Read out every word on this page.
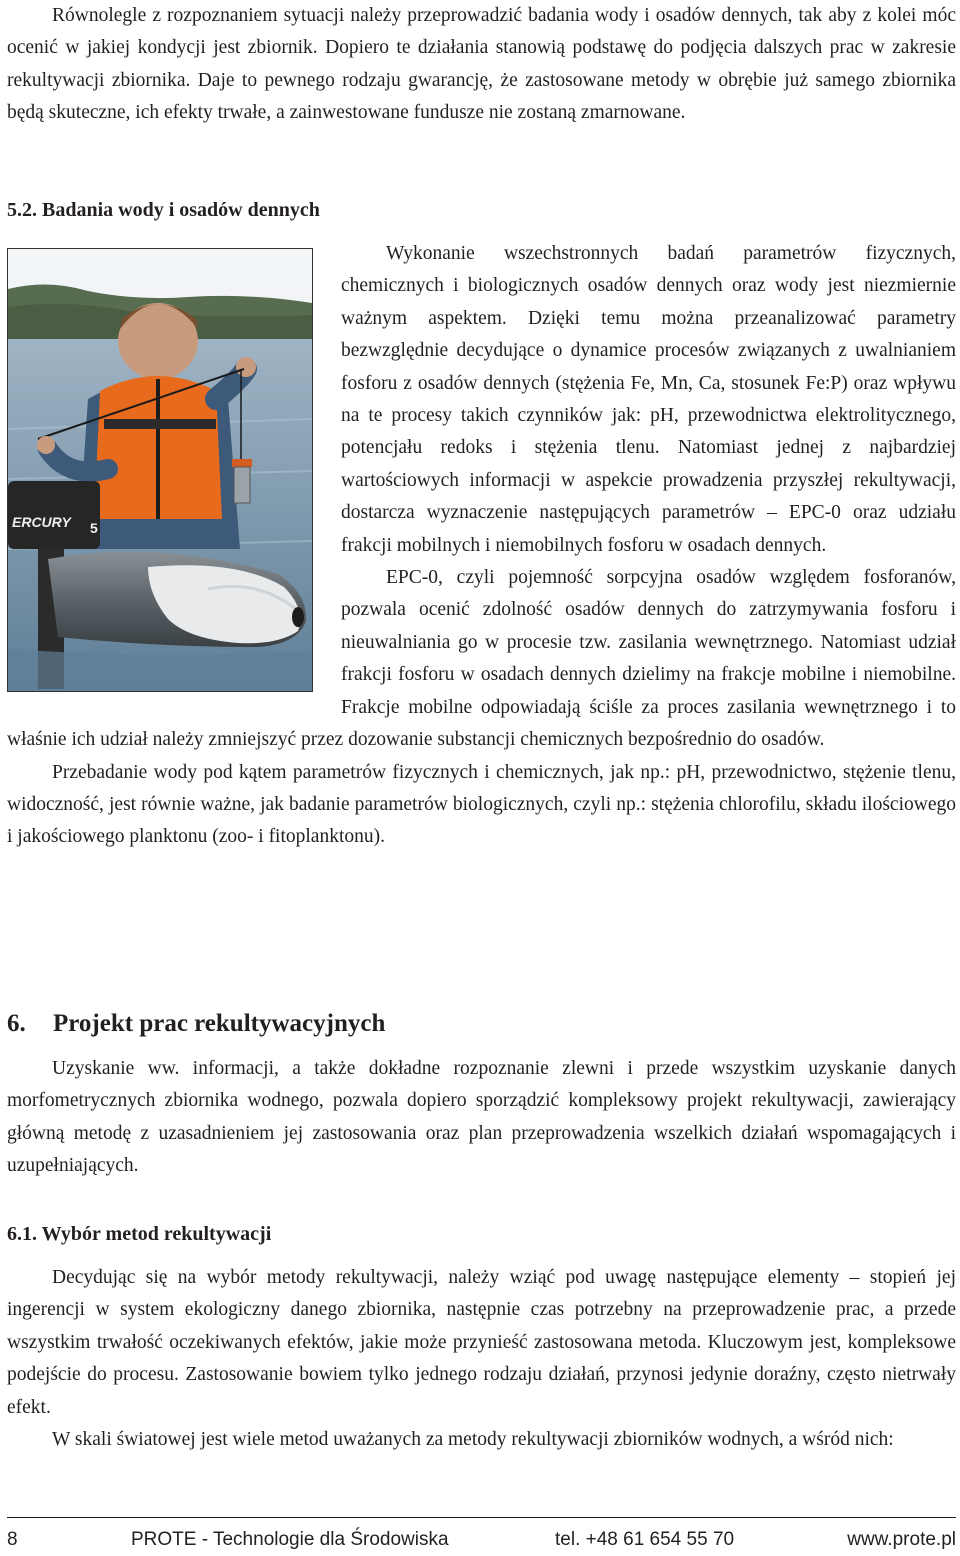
Równolegle z rozpoznaniem sytuacji należy przeprowadzić badania wody i osadów dennych, tak aby z kolei móc ocenić w jakiej kondycji jest zbiornik. Dopiero te działania stanowią podstawę do podjęcia dalszych prac w zakresie rekultywacji zbiornika. Daje to pewnego rodzaju gwarancję, że zastosowane metody w obrębie już samego zbiornika będą skuteczne, ich efekty trwałe, a zainwestowane fundusze nie zostaną zmarnowane.

5.2. Badania wody i osadów dennych
ERCURY 5

Wykonanie wszechstronnych badań parametrów fizycznych, chemicznych i biologicznych osadów dennych oraz wody jest niezmiernie ważnym aspektem. Dzięki temu można przeanalizować parametry bezwzględnie decydujące o dynamice procesów związanych z uwalnianiem fosforu z osadów dennych (stężenia Fe, Mn, Ca, stosunek Fe:P) oraz wpływu na te procesy takich czynników jak: pH, przewodnictwa elektrolitycznego, potencjału redoks i stężenia tlenu. Natomiast jednej z najbardziej wartościowych informacji w aspekcie prowadzenia przyszłej rekultywacji, dostarcza wyznaczenie następujących parametrów – EPC-0 oraz udziału frakcji mobilnych i niemobilnych fosforu w osadach dennych.

EPC-0, czyli pojemność sorpcyjna osadów względem fosforanów, pozwala ocenić zdolność osadów dennych do zatrzymywania fosforu i nieuwalniania go w procesie tzw. zasilania wewnętrznego. Natomiast udział frakcji fosforu w osadach dennych dzielimy na frakcje mobilne i niemobilne. Frakcje mobilne odpowiadają ściśle za proces zasilania wewnętrznego i to właśnie ich udział należy zmniejszyć przez dozowanie substancji chemicznych bezpośrednio do osadów.

Przebadanie wody pod kątem parametrów fizycznych i chemicznych, jak np.: pH, przewodnictwo, stężenie tlenu, widoczność, jest równie ważne, jak badanie parametrów biologicznych, czyli np.: stężenia chlorofilu, składu ilościowego i jakościowego planktonu (zoo- i fitoplanktonu).

6. Projekt prac rekultywacyjnych

Uzyskanie ww. informacji, a także dokładne rozpoznanie zlewni i przede wszystkim uzyskanie danych morfometrycznych zbiornika wodnego, pozwala dopiero sporządzić kompleksowy projekt rekultywacji, zawierający główną metodę z uzasadnieniem jej zastosowania oraz plan przeprowadzenia wszelkich działań wspomagających i uzupełniających.

6.1. Wybór metod rekultywacji

Decydując się na wybór metody rekultywacji, należy wziąć pod uwagę następujące elementy – stopień jej ingerencji w system ekologiczny danego zbiornika, następnie czas potrzebny na przeprowadzenie prac, a przede wszystkim trwałość oczekiwanych efektów, jakie może przynieść zastosowana metoda. Kluczowym jest, kompleksowe podejście do procesu. Zastosowanie bowiem tylko jednego rodzaju działań, przynosi jedynie doraźny, często nietrwały efekt.

W skali światowej jest wiele metod uważanych za metody rekultywacji zbiorników wodnych, a wśród nich:

8	PROTE - Technologie dla Środowiska	tel. +48 61 654 55 70	www.prote.pl
